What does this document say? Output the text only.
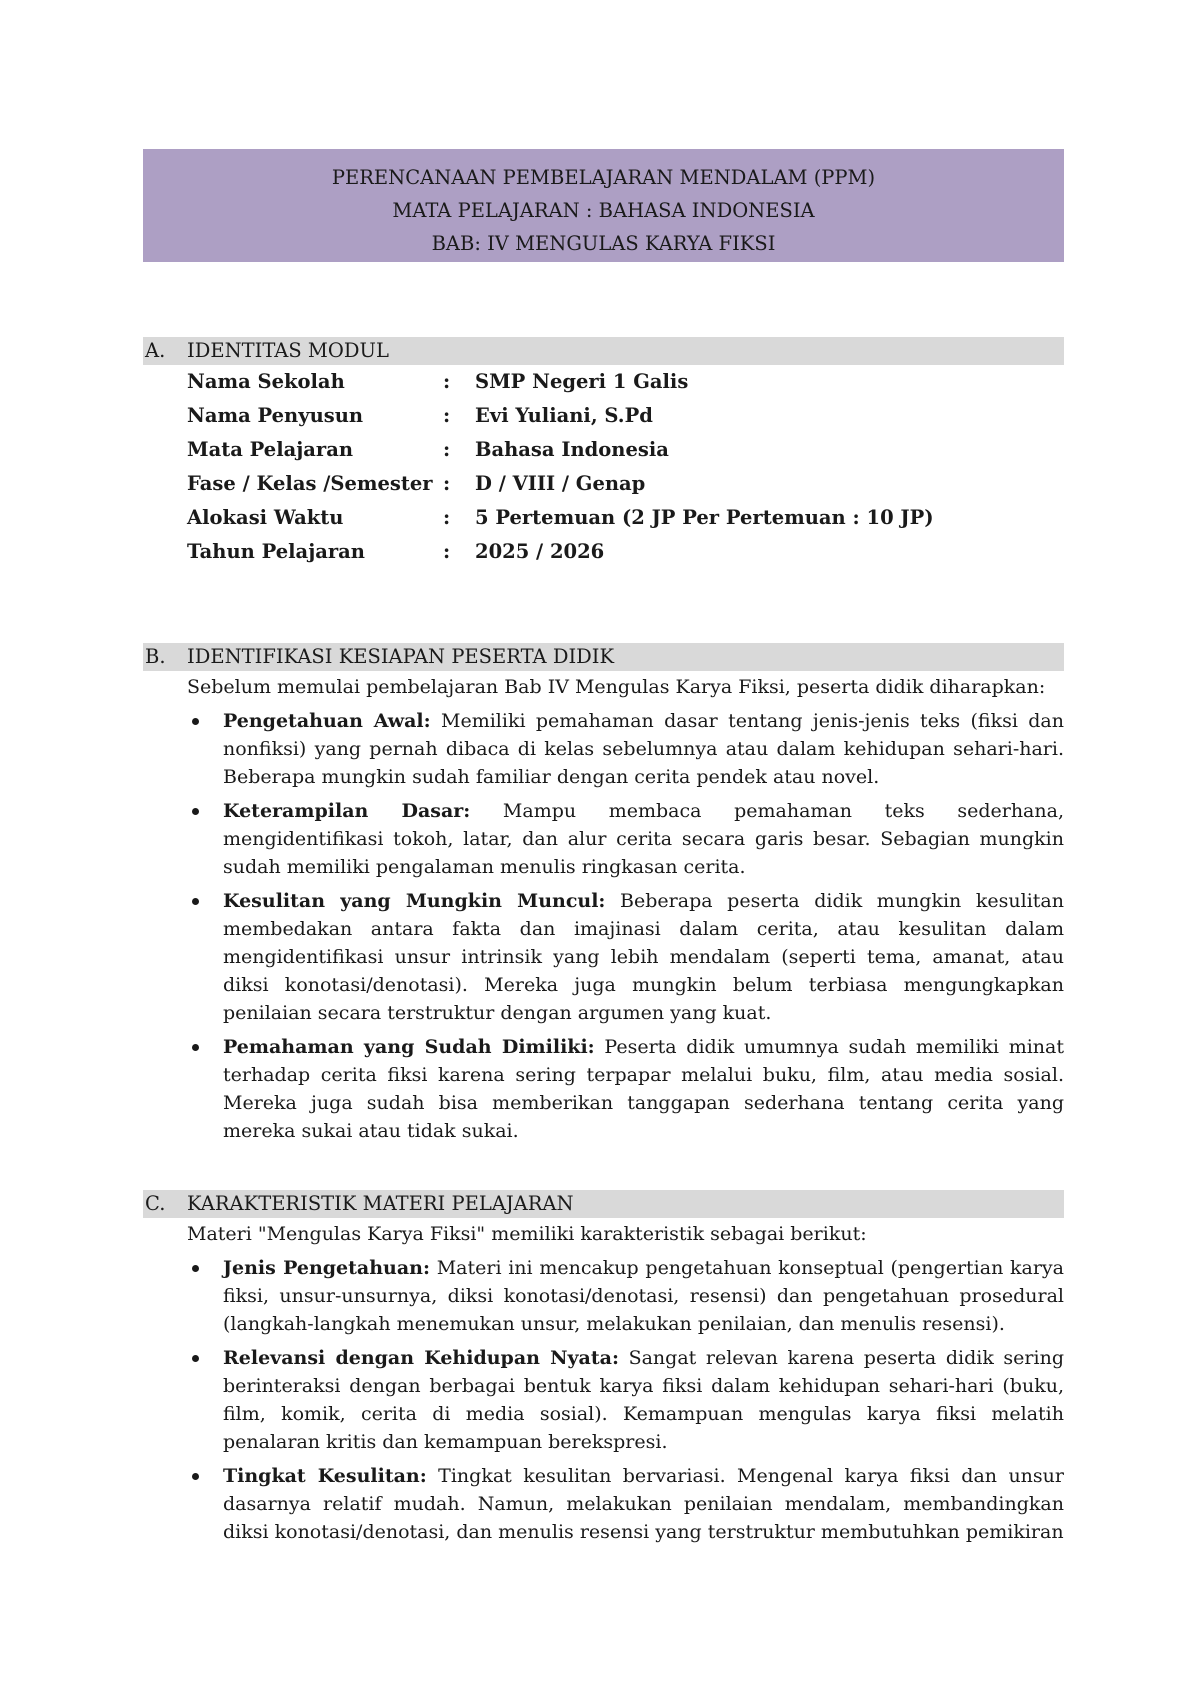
PERENCANAAN PEMBELAJARAN MENDALAM (PPM)
MATA PELAJARAN : BAHASA INDONESIA
BAB: IV MENGULAS KARYA FIKSI
A. IDENTITAS MODUL
Nama Sekolah	: SMP Negeri 1 Galis
Nama Penyusun	: Evi Yuliani, S.Pd
Mata Pelajaran	: Bahasa Indonesia
Fase / Kelas /Semester : D / VIII / Genap
Alokasi Waktu	: 5 Pertemuan (2 JP Per Pertemuan : 10 JP)
Tahun Pelajaran	: 2025 / 2026
B. IDENTIFIKASI KESIAPAN PESERTA DIDIK
Sebelum memulai pembelajaran Bab IV Mengulas Karya Fiksi, peserta didik diharapkan:
Pengetahuan Awal: Memiliki pemahaman dasar tentang jenis-jenis teks (fiksi dan nonfiksi) yang pernah dibaca di kelas sebelumnya atau dalam kehidupan sehari-hari. Beberapa mungkin sudah familiar dengan cerita pendek atau novel.
Keterampilan Dasar: Mampu membaca pemahaman teks sederhana, mengidentifikasi tokoh, latar, dan alur cerita secara garis besar. Sebagian mungkin sudah memiliki pengalaman menulis ringkasan cerita.
Kesulitan yang Mungkin Muncul: Beberapa peserta didik mungkin kesulitan membedakan antara fakta dan imajinasi dalam cerita, atau kesulitan dalam mengidentifikasi unsur intrinsik yang lebih mendalam (seperti tema, amanat, atau diksi konotasi/denotasi). Mereka juga mungkin belum terbiasa mengungkapkan penilaian secara terstruktur dengan argumen yang kuat.
Pemahaman yang Sudah Dimiliki: Peserta didik umumnya sudah memiliki minat terhadap cerita fiksi karena sering terpapar melalui buku, film, atau media sosial. Mereka juga sudah bisa memberikan tanggapan sederhana tentang cerita yang mereka sukai atau tidak sukai.
C. KARAKTERISTIK MATERI PELAJARAN
Materi "Mengulas Karya Fiksi" memiliki karakteristik sebagai berikut:
Jenis Pengetahuan: Materi ini mencakup pengetahuan konseptual (pengertian karya fiksi, unsur-unsurnya, diksi konotasi/denotasi, resensi) dan pengetahuan prosedural (langkah-langkah menemukan unsur, melakukan penilaian, dan menulis resensi).
Relevansi dengan Kehidupan Nyata: Sangat relevan karena peserta didik sering berinteraksi dengan berbagai bentuk karya fiksi dalam kehidupan sehari-hari (buku, film, komik, cerita di media sosial). Kemampuan mengulas karya fiksi melatih penalaran kritis dan kemampuan berekspresi.
Tingkat Kesulitan: Tingkat kesulitan bervariasi. Mengenal karya fiksi dan unsur dasarnya relatif mudah. Namun, melakukan penilaian mendalam, membandingkan diksi konotasi/denotasi, dan menulis resensi yang terstruktur membutuhkan pemikiran
